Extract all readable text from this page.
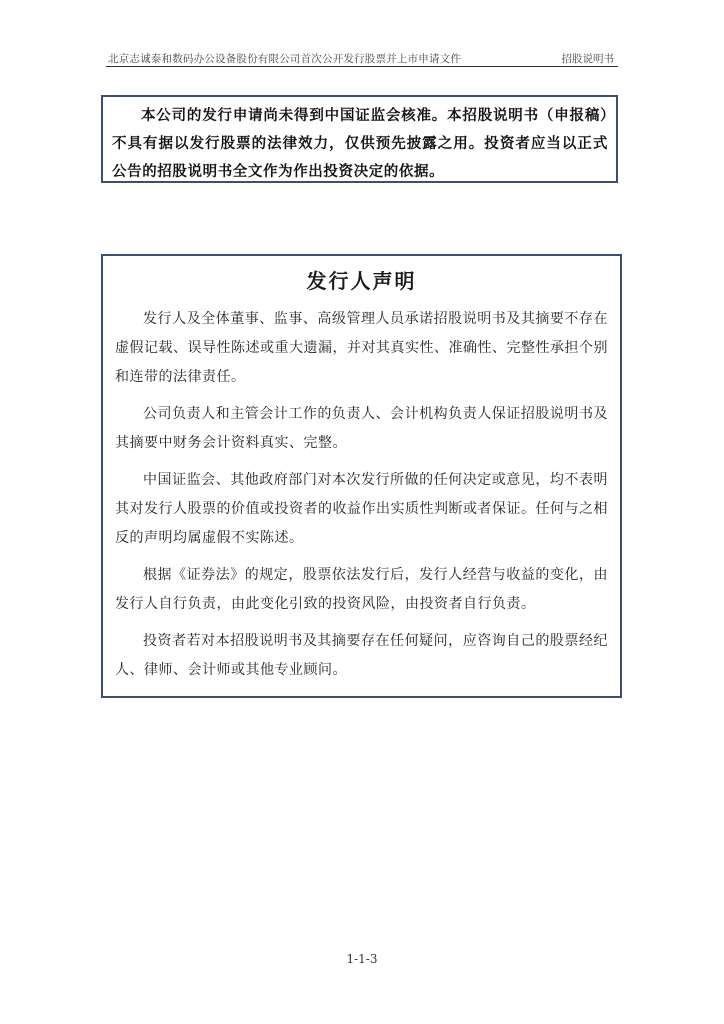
北京志诚泰和数码办公设备股份有限公司首次公开发行股票并上市申请文件	招股说明书

本公司的发行申请尚未得到中国证监会核准。本招股说明书（申报稿）不具有据以发行股票的法律效力，仅供预先披露之用。投资者应当以正式公告的招股说明书全文作为作出投资决定的依据。

发行人声明

发行人及全体董事、监事、高级管理人员承诺招股说明书及其摘要不存在虚假记载、误导性陈述或重大遗漏，并对其真实性、准确性、完整性承担个别和连带的法律责任。

公司负责人和主管会计工作的负责人、会计机构负责人保证招股说明书及其摘要中财务会计资料真实、完整。

中国证监会、其他政府部门对本次发行所做的任何决定或意见，均不表明其对发行人股票的价值或投资者的收益作出实质性判断或者保证。任何与之相反的声明均属虚假不实陈述。

根据《证券法》的规定，股票依法发行后，发行人经营与收益的变化，由发行人自行负责，由此变化引致的投资风险，由投资者自行负责。

投资者若对本招股说明书及其摘要存在任何疑问，应咨询自己的股票经纪人、律师、会计师或其他专业顾问。

1-1-3
